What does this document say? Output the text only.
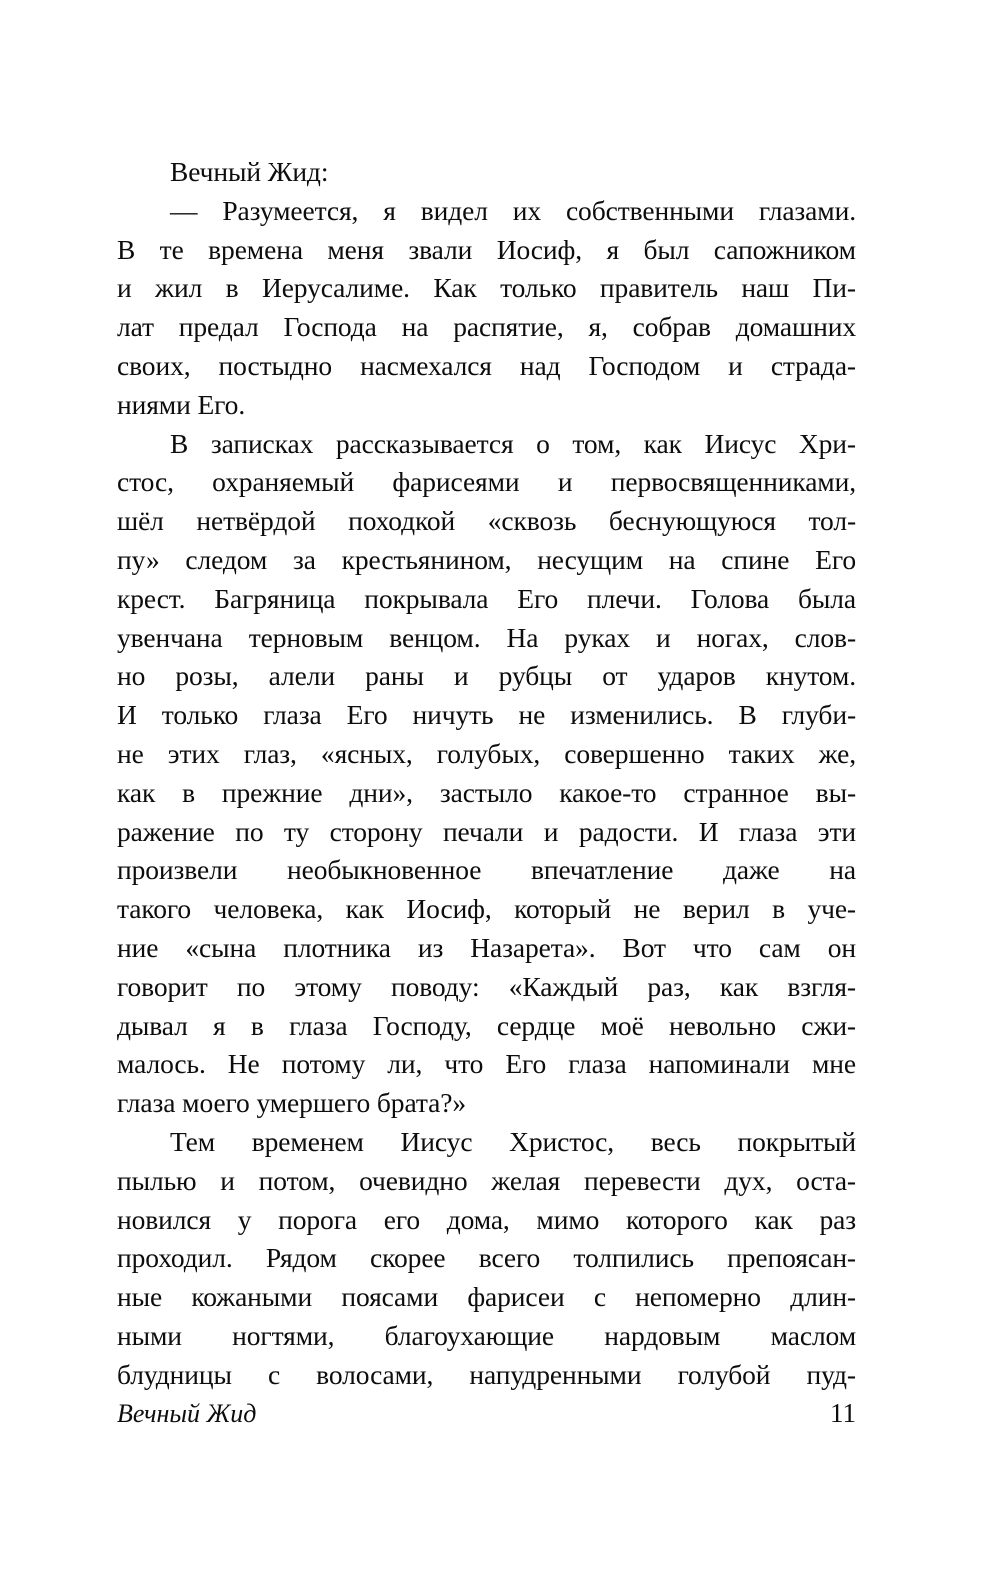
Вечный Жид:
— Разумеется, я видел их собственными глазами.
В те времена меня звали Иосиф, я был сапожником
и жил в Иерусалиме. Как только правитель наш Пи-
лат предал Господа на распятие, я, собрав домашних
своих, постыдно насмехался над Господом и страда-
ниями Его.
В записках рассказывается о том, как Иисус Хри-
стос, охраняемый фарисеями и первосвященниками,
шёл нетвёрдой походкой «сквозь беснующуюся тол-
пу» следом за крестьянином, несущим на спине Его
крест. Багряница покрывала Его плечи. Голова была
увенчана терновым венцом. На руках и ногах, слов-
но розы, алели раны и рубцы от ударов кнутом.
И только глаза Его ничуть не изменились. В глуби-
не этих глаз, «ясных, голубых, совершенно таких же,
как в прежние дни», застыло какое-то странное вы-
ражение по ту сторону печали и радости. И глаза эти
произвели необыкновенное впечатление даже на
такого человека, как Иосиф, который не верил в уче-
ние «сына плотника из Назарета». Вот что сам он
говорит по этому поводу: «Каждый раз, как взгля-
дывал я в глаза Господу, сердце моё невольно сжи-
малось. Не потому ли, что Его глаза напоминали мне
глаза моего умершего брата?»
Тем временем Иисус Христос, весь покрытый
пылью и потом, очевидно желая перевести дух, оста-
новился у порога его дома, мимо которого как раз
проходил. Рядом скорее всего толпились препоясан-
ные кожаными поясами фарисеи с непомерно длин-
ными ногтями, благоухающие нардовым маслом
блудницы с волосами, напудренными голубой пуд-
Вечный Жид	11
